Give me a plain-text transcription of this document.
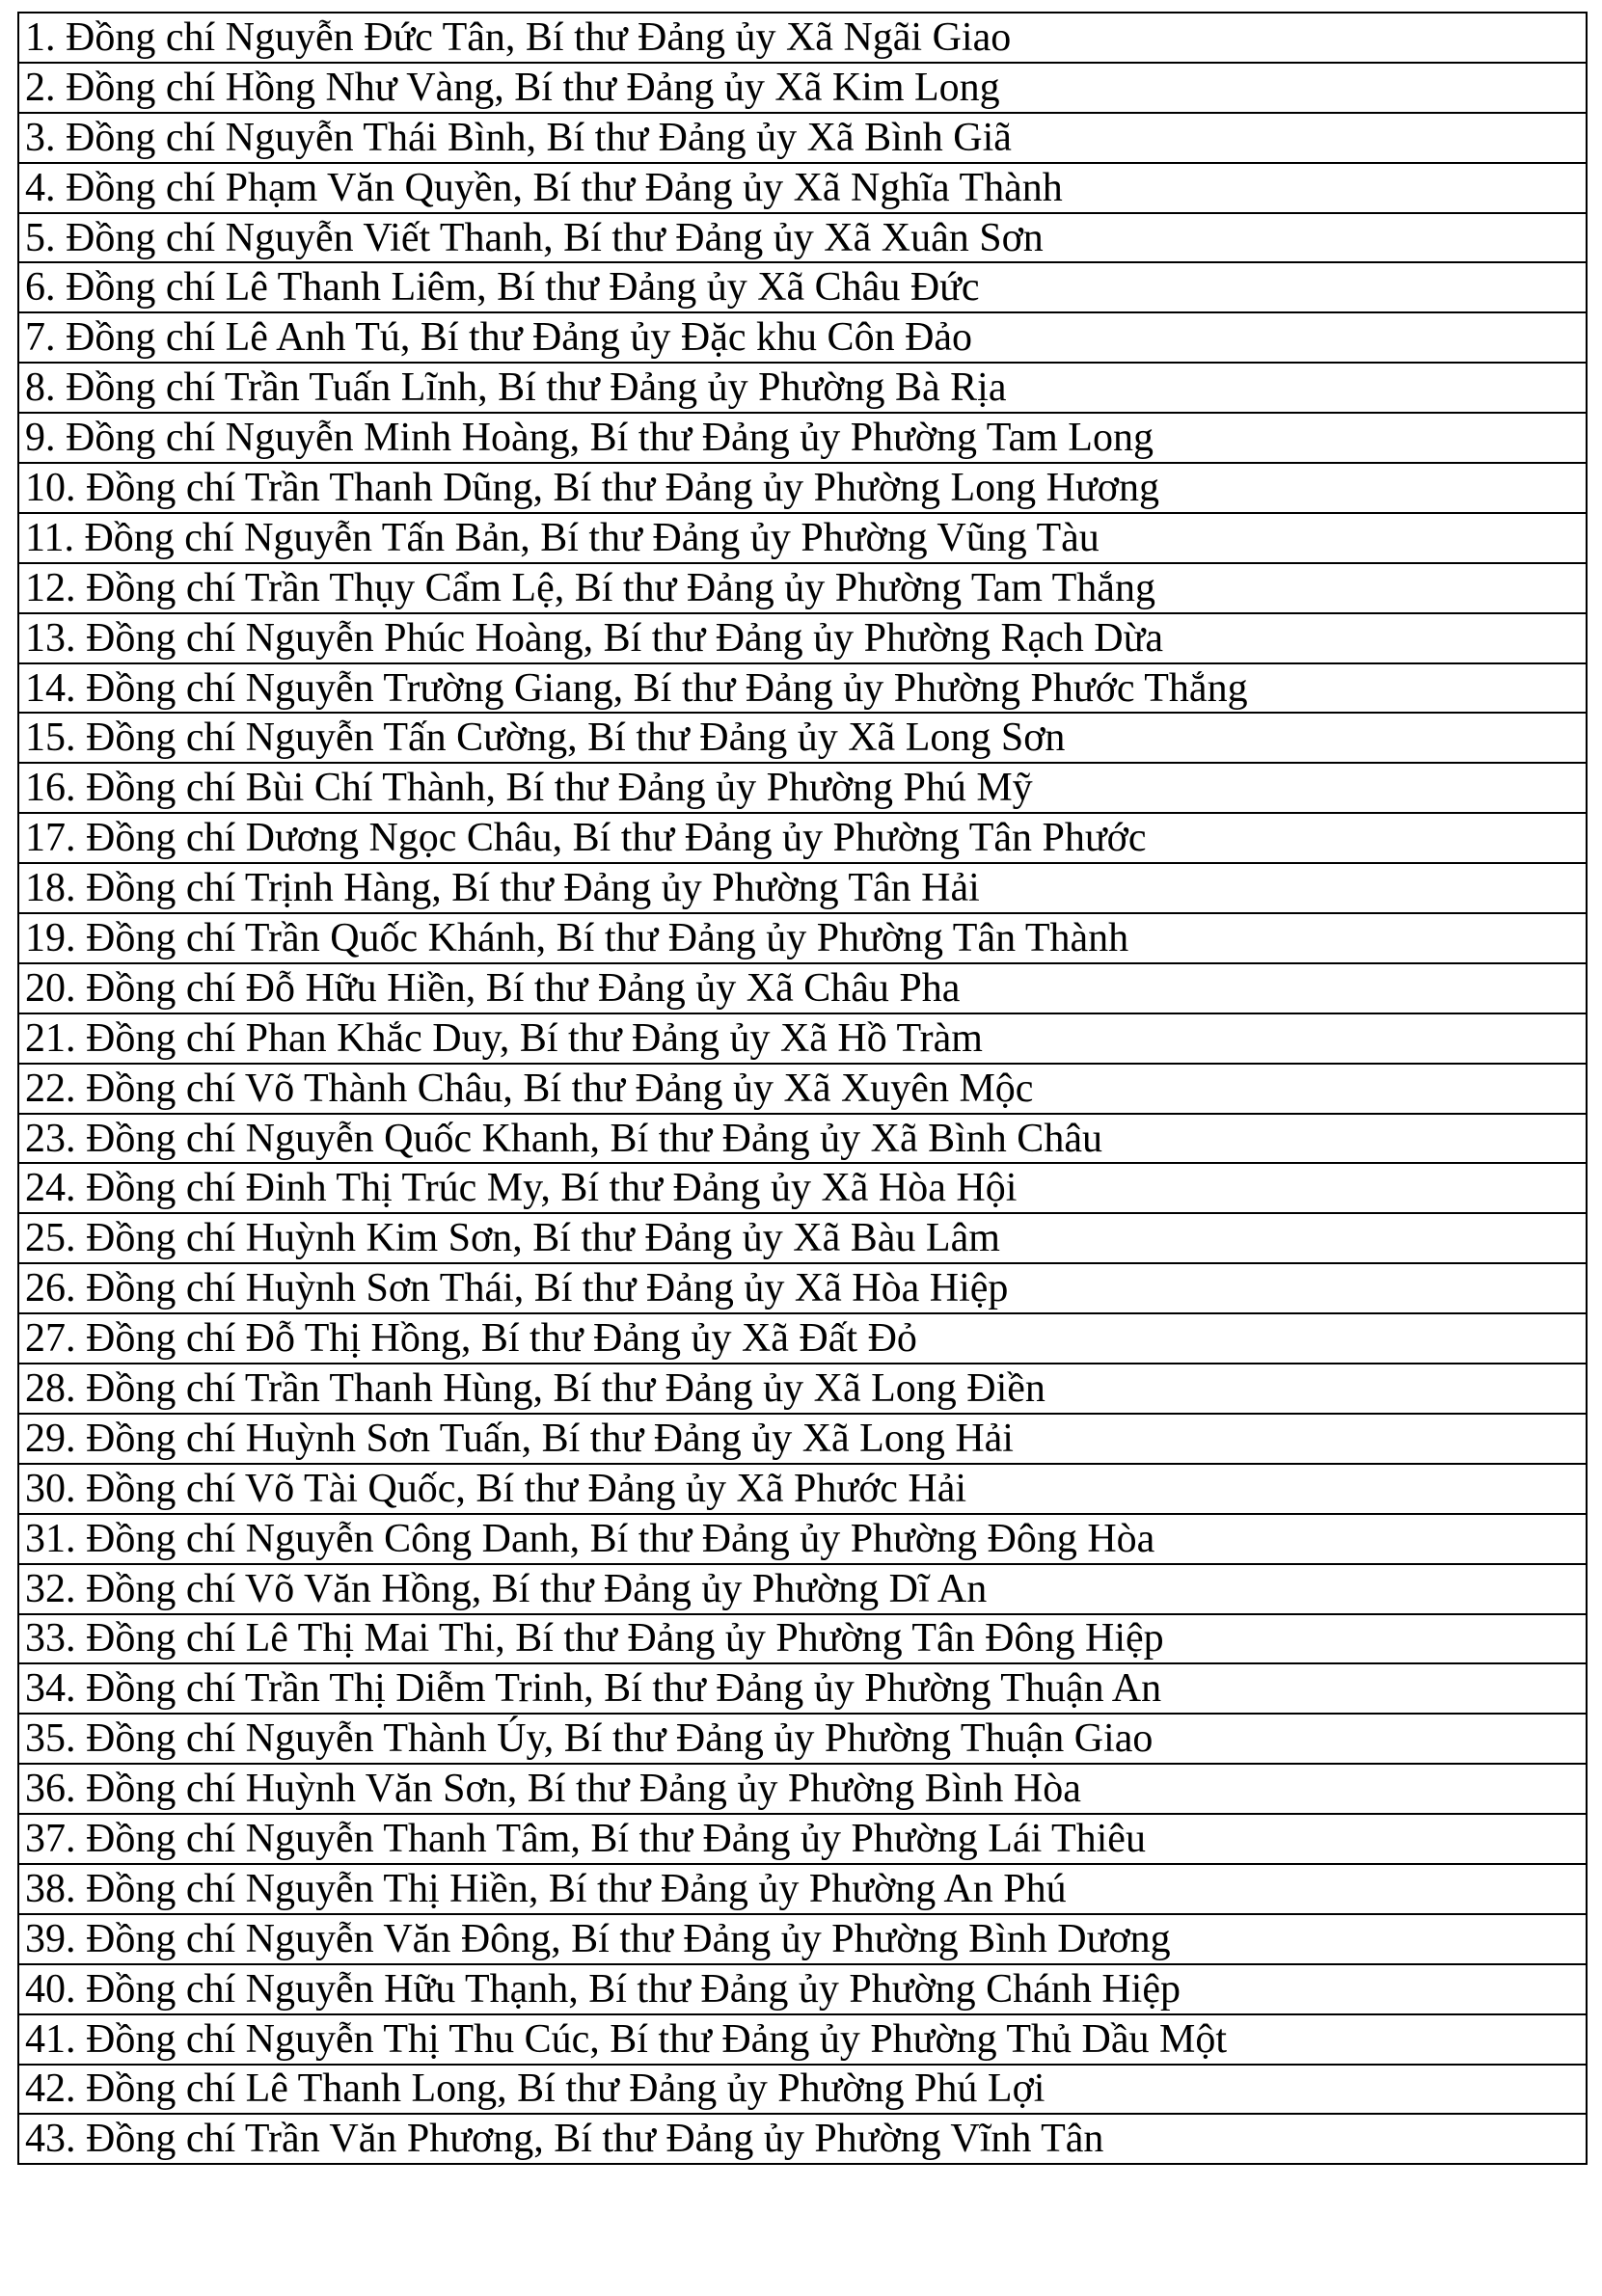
1. Đồng chí Nguyễn Đức Tân, Bí thư Đảng ủy Xã Ngãi Giao
2. Đồng chí Hồng Như Vàng, Bí thư Đảng ủy Xã Kim Long
3. Đồng chí Nguyễn Thái Bình, Bí thư Đảng ủy Xã Bình Giã
4. Đồng chí Phạm Văn Quyền, Bí thư Đảng ủy Xã Nghĩa Thành
5. Đồng chí Nguyễn Viết Thanh, Bí thư Đảng ủy Xã Xuân Sơn
6. Đồng chí Lê Thanh Liêm, Bí thư Đảng ủy Xã Châu Đức
7. Đồng chí Lê Anh Tú, Bí thư Đảng ủy Đặc khu Côn Đảo
8. Đồng chí Trần Tuấn Lĩnh, Bí thư Đảng ủy Phường Bà Rịa
9. Đồng chí Nguyễn Minh Hoàng, Bí thư Đảng ủy Phường Tam Long
10. Đồng chí Trần Thanh Dũng, Bí thư Đảng ủy Phường Long Hương
11. Đồng chí Nguyễn Tấn Bản, Bí thư Đảng ủy Phường Vũng Tàu
12. Đồng chí Trần Thụy Cẩm Lệ, Bí thư Đảng ủy Phường Tam Thắng
13. Đồng chí Nguyễn Phúc Hoàng, Bí thư Đảng ủy Phường Rạch Dừa
14. Đồng chí Nguyễn Trường Giang, Bí thư Đảng ủy Phường Phước Thắng
15. Đồng chí Nguyễn Tấn Cường, Bí thư Đảng ủy Xã Long Sơn
16. Đồng chí Bùi Chí Thành, Bí thư Đảng ủy Phường Phú Mỹ
17. Đồng chí Dương Ngọc Châu, Bí thư Đảng ủy Phường Tân Phước
18. Đồng chí Trịnh Hàng, Bí thư Đảng ủy Phường Tân Hải
19. Đồng chí Trần Quốc Khánh, Bí thư Đảng ủy Phường Tân Thành
20. Đồng chí Đỗ Hữu Hiền, Bí thư Đảng ủy Xã Châu Pha
21. Đồng chí Phan Khắc Duy, Bí thư Đảng ủy Xã Hồ Tràm
22. Đồng chí Võ Thành Châu, Bí thư Đảng ủy Xã Xuyên Mộc
23. Đồng chí Nguyễn Quốc Khanh, Bí thư Đảng ủy Xã Bình Châu
24. Đồng chí Đinh Thị Trúc My, Bí thư Đảng ủy Xã Hòa Hội
25. Đồng chí Huỳnh Kim Sơn, Bí thư Đảng ủy Xã Bàu Lâm
26. Đồng chí Huỳnh Sơn Thái, Bí thư Đảng ủy Xã Hòa Hiệp
27. Đồng chí Đỗ Thị Hồng, Bí thư Đảng ủy Xã Đất Đỏ
28. Đồng chí Trần Thanh Hùng, Bí thư Đảng ủy Xã Long Điền
29. Đồng chí Huỳnh Sơn Tuấn, Bí thư Đảng ủy Xã Long Hải
30. Đồng chí Võ Tài Quốc, Bí thư Đảng ủy Xã Phước Hải
31. Đồng chí Nguyễn Công Danh, Bí thư Đảng ủy Phường Đông Hòa
32. Đồng chí Võ Văn Hồng, Bí thư Đảng ủy Phường Dĩ An
33. Đồng chí Lê Thị Mai Thi, Bí thư Đảng ủy Phường Tân Đông Hiệp
34. Đồng chí Trần Thị Diễm Trinh, Bí thư Đảng ủy Phường Thuận An
35. Đồng chí Nguyễn Thành Úy, Bí thư Đảng ủy Phường Thuận Giao
36. Đồng chí Huỳnh Văn Sơn, Bí thư Đảng ủy Phường Bình Hòa
37. Đồng chí Nguyễn Thanh Tâm, Bí thư Đảng ủy Phường Lái Thiêu
38. Đồng chí Nguyễn Thị Hiền, Bí thư Đảng ủy Phường An Phú
39. Đồng chí Nguyễn Văn Đông, Bí thư Đảng ủy Phường Bình Dương
40. Đồng chí Nguyễn Hữu Thạnh, Bí thư Đảng ủy Phường Chánh Hiệp
41. Đồng chí Nguyễn Thị Thu Cúc, Bí thư Đảng ủy Phường Thủ Dầu Một
42. Đồng chí Lê Thanh Long, Bí thư Đảng ủy Phường Phú Lợi
43. Đồng chí Trần Văn Phương, Bí thư Đảng ủy Phường Vĩnh Tân
